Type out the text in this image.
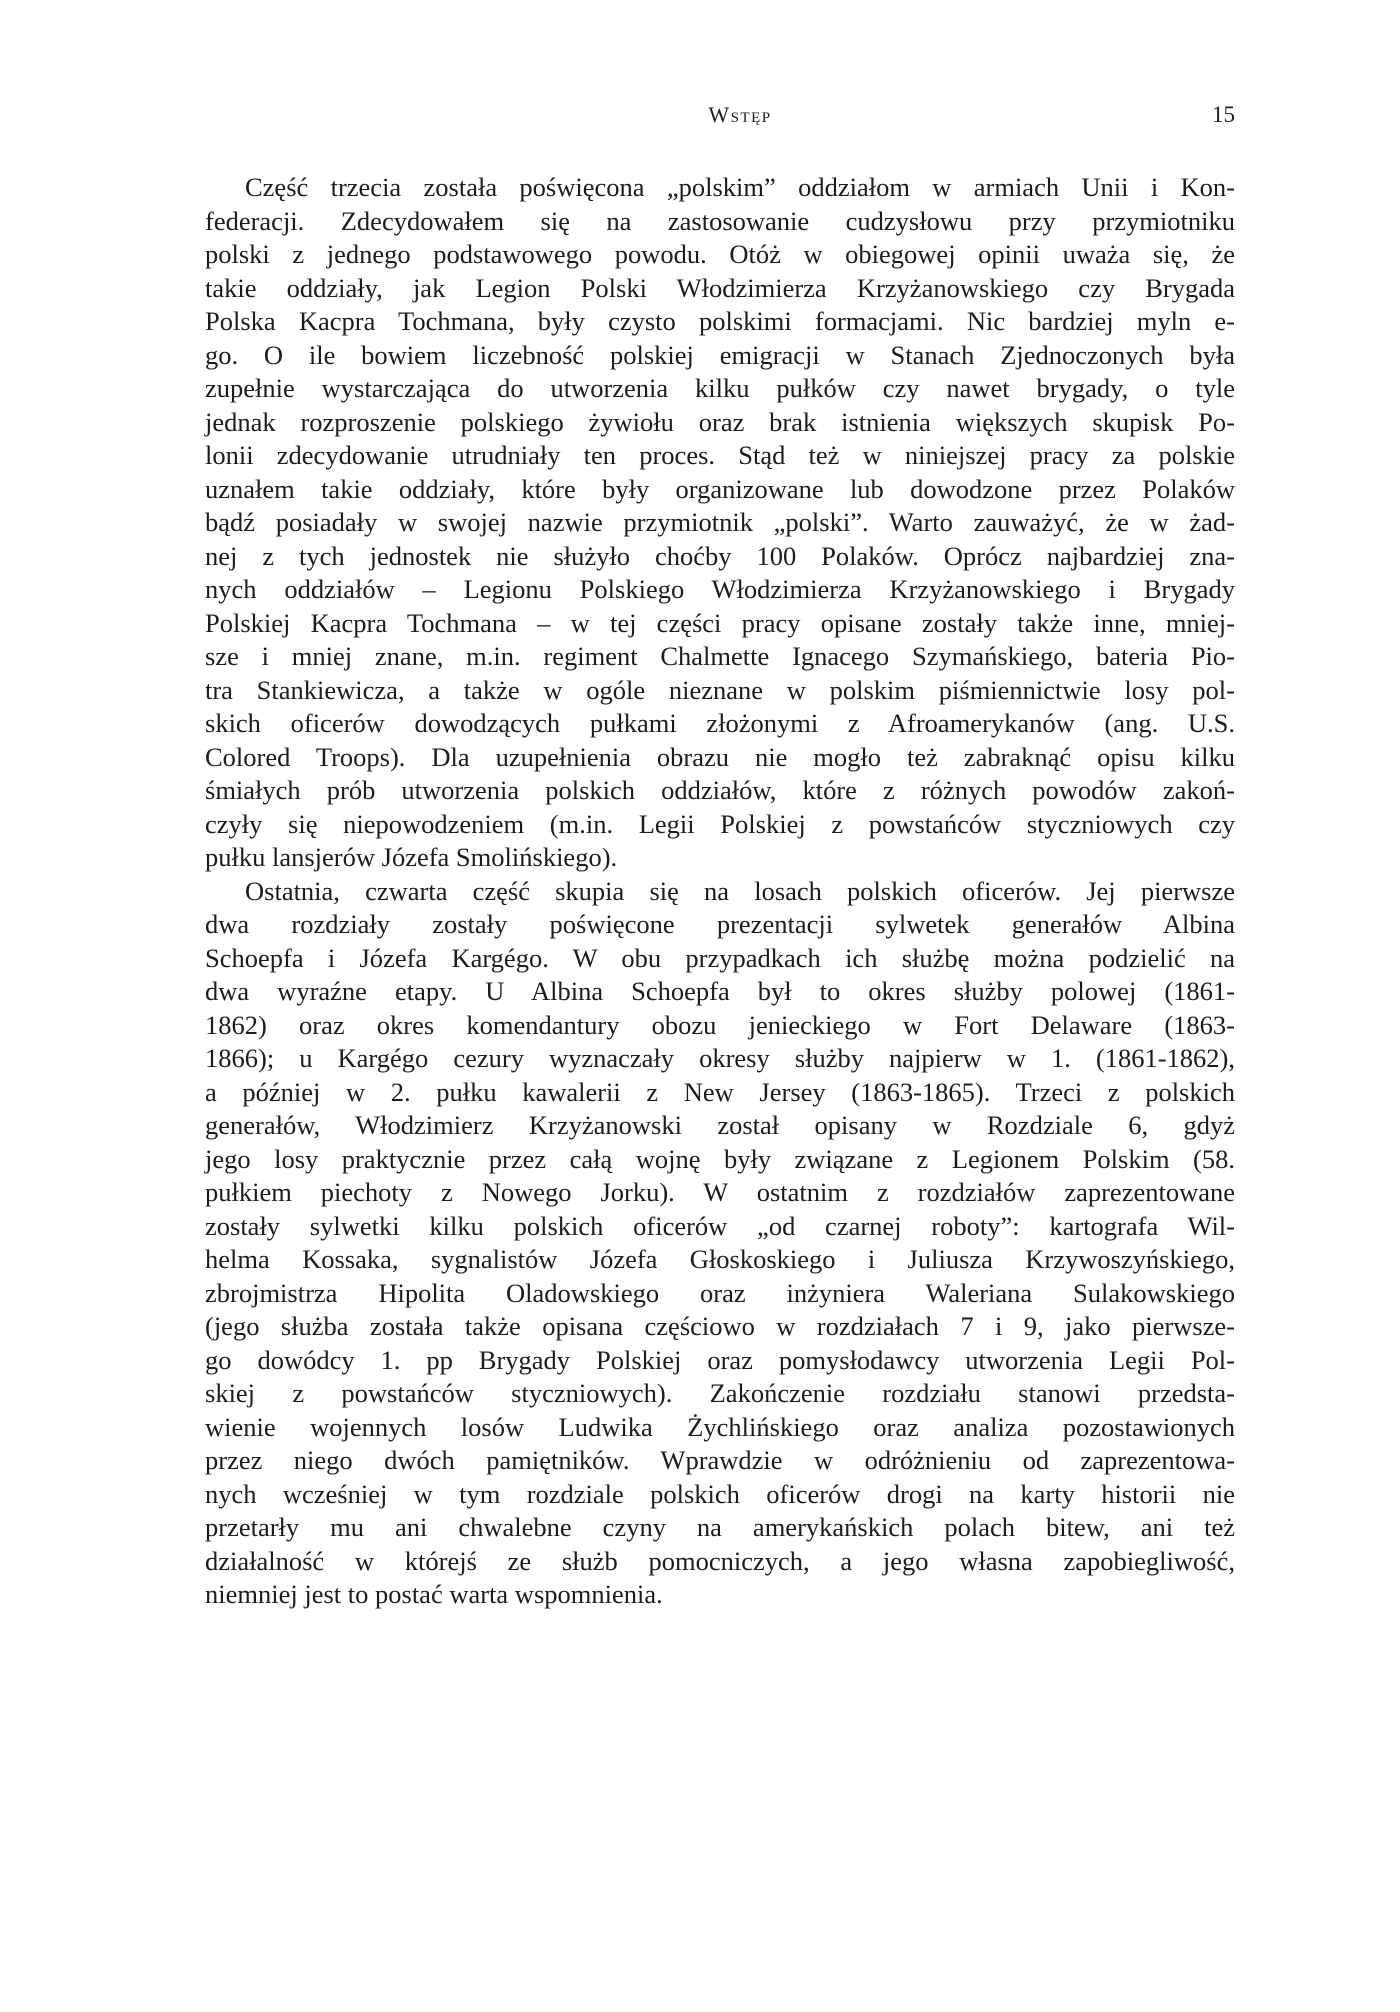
Wstęp	15
Część trzecia została poświęcona „polskim” oddziałom w armiach Unii i Kon-
federacji. Zdecydowałem się na zastosowanie cudzysłowu przy przymiotniku
polski z jednego podstawowego powodu. Otóż w obiegowej opinii uważa się, że
takie oddziały, jak Legion Polski Włodzimierza Krzyżanowskiego czy Brygada
Polska Kacpra Tochmana, były czysto polskimi formacjami. Nic bardziej myln e-
go. O ile bowiem liczebność polskiej emigracji w Stanach Zjednoczonych była
zupełnie wystarczająca do utworzenia kilku pułków czy nawet brygady, o tyle
jednak rozproszenie polskiego żywiołu oraz brak istnienia większych skupisk Po-
lonii zdecydowanie utrudniały ten proces. Stąd też w niniejszej pracy za polskie
uznałem takie oddziały, które były organizowane lub dowodzone przez Polaków
bądź posiadały w swojej nazwie przymiotnik „polski”. Warto zauważyć, że w żad-
nej z tych jednostek nie służyło choćby 100 Polaków. Oprócz najbardziej zna-
nych oddziałów – Legionu Polskiego Włodzimierza Krzyżanowskiego i Brygady
Polskiej Kacpra Tochmana – w tej części pracy opisane zostały także inne, mniej-
sze i mniej znane, m.in. regiment Chalmette Ignacego Szymańskiego, bateria Pio-
tra Stankiewicza, a także w ogóle nieznane w polskim piśmiennictwie losy pol-
skich oficerów dowodzących pułkami złożonymi z Afroamerykanów (ang. U.S.
Colored Troops). Dla uzupełnienia obrazu nie mogło też zabraknąć opisu kilku
śmiałych prób utworzenia polskich oddziałów, które z różnych powodów zakoń-
czyły się niepowodzeniem (m.in. Legii Polskiej z powstańców styczniowych czy
pułku lansjerów Józefa Smolińskiego).
Ostatnia, czwarta część skupia się na losach polskich oficerów. Jej pierwsze
dwa rozdziały zostały poświęcone prezentacji sylwetek generałów Albina
Schoepfa i Józefa Kargégo. W obu przypadkach ich służbę można podzielić na
dwa wyraźne etapy. U Albina Schoepfa był to okres służby polowej (1861-
1862) oraz okres komendantury obozu jenieckiego w Fort Delaware (1863-
1866); u Kargégo cezury wyznaczały okresy służby najpierw w 1. (1861-1862),
a później w 2. pułku kawalerii z New Jersey (1863-1865). Trzeci z polskich
generałów, Włodzimierz Krzyżanowski został opisany w Rozdziale 6, gdyż
jego losy praktycznie przez całą wojnę były związane z Legionem Polskim (58.
pułkiem piechoty z Nowego Jorku). W ostatnim z rozdziałów zaprezentowane
zostały sylwetki kilku polskich oficerów „od czarnej roboty”: kartografa Wil-
helma Kossaka, sygnalistów Józefa Głoskoskiego i Juliusza Krzywoszyńskiego,
zbrojmistrza Hipolita Oladowskiego oraz inżyniera Waleriana Sulakowskiego
(jego służba została także opisana częściowo w rozdziałach 7 i 9, jako pierwsze-
go dowódcy 1. pp Brygady Polskiej oraz pomysłodawcy utworzenia Legii Pol-
skiej z powstańców styczniowych). Zakończenie rozdziału stanowi przedsta-
wienie wojennych losów Ludwika Żychlińskiego oraz analiza pozostawionych
przez niego dwóch pamiętników. Wprawdzie w odróżnieniu od zaprezentowa-
nych wcześniej w tym rozdziale polskich oficerów drogi na karty historii nie
przetarły mu ani chwalebne czyny na amerykańskich polach bitew, ani też
działalność w którejś ze służb pomocniczych, a jego własna zapobiegliwość,
niemniej jest to postać warta wspomnienia.
